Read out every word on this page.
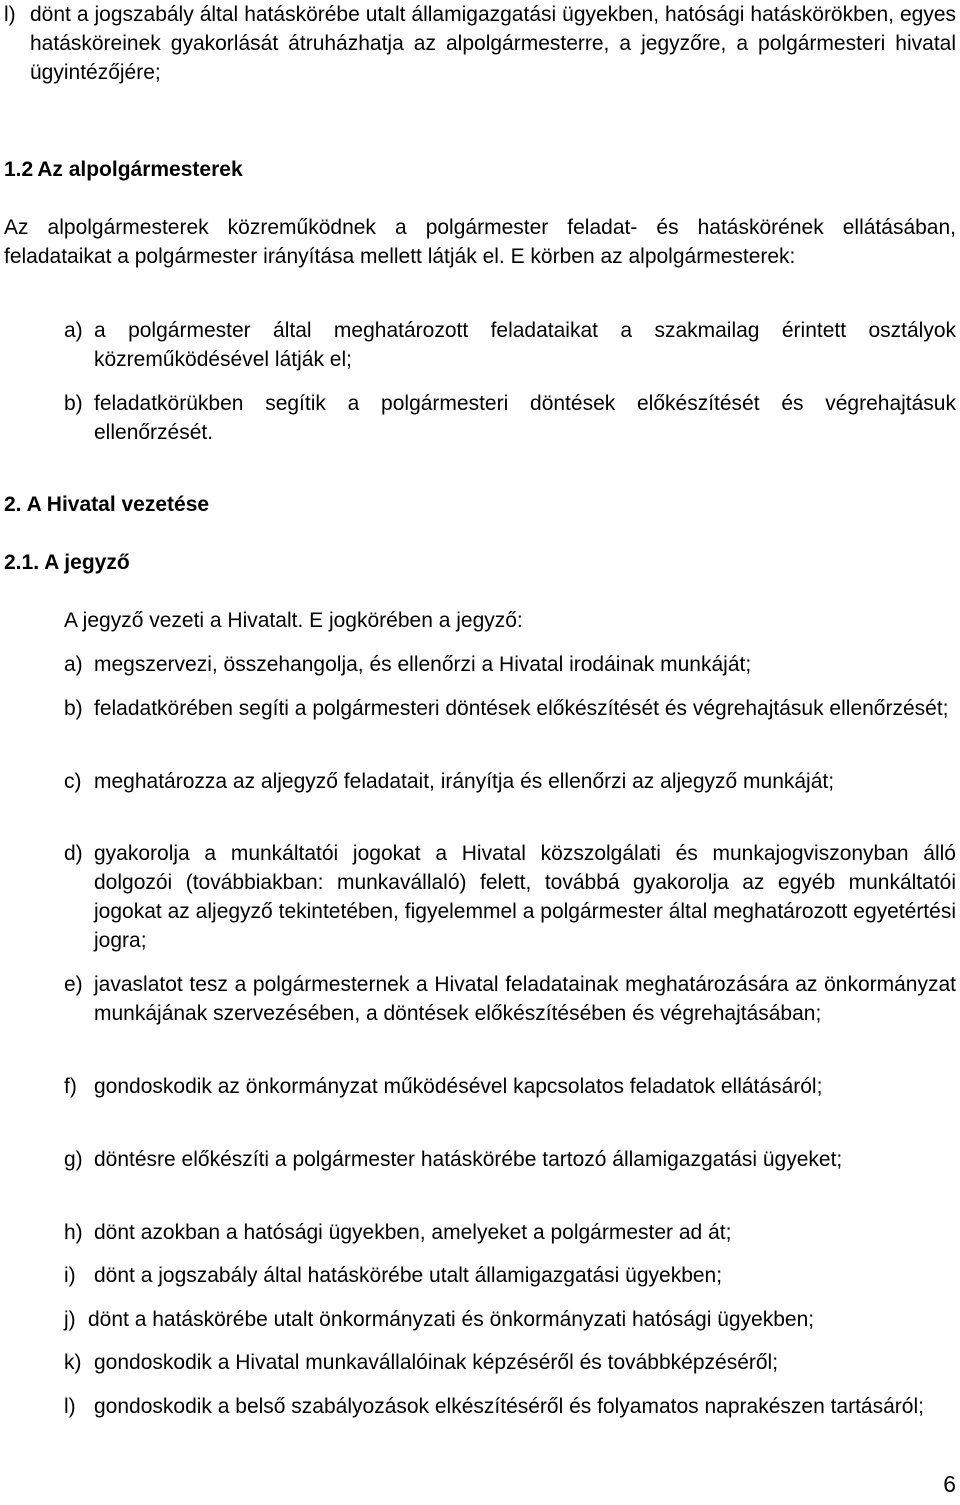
l) dönt a jogszabály által hatáskörébe utalt államigazgatási ügyekben, hatósági hatáskörökben, egyes hatásköreinek gyakorlását átruházhatja az alpolgármesterre, a jegyzőre, a polgármesteri hivatal ügyintézőjére;
1.2 Az alpolgármesterek
Az alpolgármesterek közreműködnek a polgármester feladat- és hatáskörének ellátásában, feladataikat a polgármester irányítása mellett látják el. E körben az alpolgármesterek:
a) a polgármester által meghatározott feladataikat a szakmailag érintett osztályok közreműködésével látják el;
b) feladatkörükben segítik a polgármesteri döntések előkészítését és végrehajtásuk ellenőrzését.
2. A Hivatal vezetése
2.1. A jegyző
A jegyző vezeti a Hivatalt. E jogkörében a jegyző:
a) megszervezi, összehangolja, és ellenőrzi a Hivatal irodáinak munkáját;
b) feladatkörében segíti a polgármesteri döntések előkészítését és végrehajtásuk ellenőrzését;
c) meghatározza az aljegyző feladatait, irányítja és ellenőrzi az aljegyző munkáját;
d) gyakorolja a munkáltatói jogokat a Hivatal közszolgálati és munkajogviszonyban álló dolgozói (továbbiakban: munkavállaló) felett, továbbá gyakorolja az egyéb munkáltatói jogokat az aljegyző tekintetében, figyelemmel a polgármester által meghatározott egyetértési jogra;
e) javaslatot tesz a polgármesternek a Hivatal feladatainak meghatározására az önkormányzat munkájának szervezésében, a döntések előkészítésében és végrehajtásában;
f) gondoskodik az önkormányzat működésével kapcsolatos feladatok ellátásáról;
g) döntésre előkészíti a polgármester hatáskörébe tartozó államigazgatási ügyeket;
h) dönt azokban a hatósági ügyekben, amelyeket a polgármester ad át;
i) dönt a jogszabály által hatáskörébe utalt államigazgatási ügyekben;
j) dönt a hatáskörébe utalt önkormányzati és önkormányzati hatósági ügyekben;
k) gondoskodik a Hivatal munkavállalóinak képzéséről és továbbképzéséről;
l) gondoskodik a belső szabályozások elkészítéséről és folyamatos naprakészen tartásáról;
6
